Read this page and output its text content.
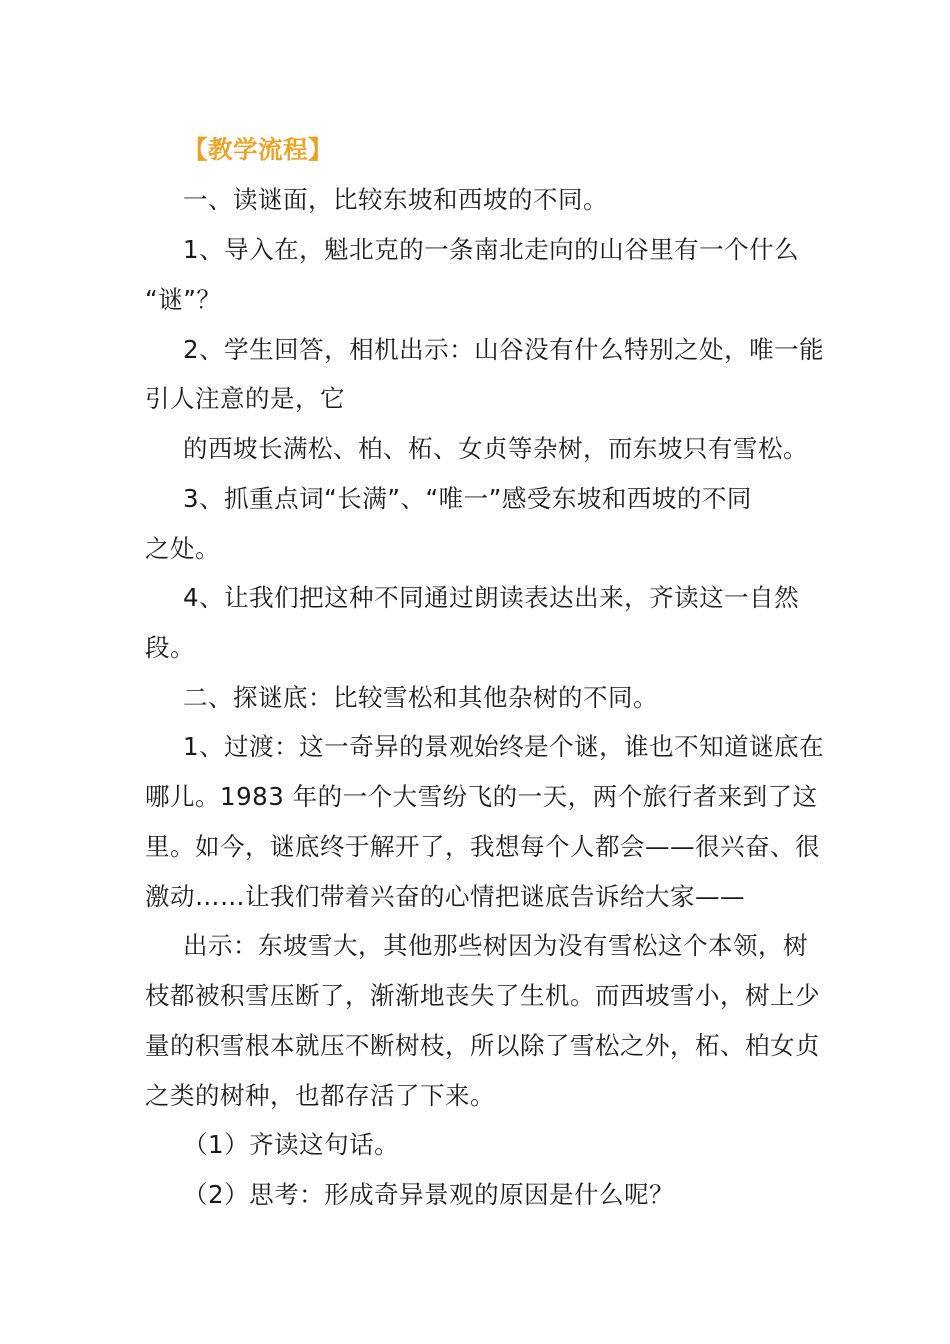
【教学流程】
一、读谜面，比较东坡和西坡的不同。
1、导入在，魁北克的一条南北走向的山谷里有一个什么
“谜”？
2、学生回答，相机出示：山谷没有什么特别之处，唯一能
引人注意的是，它
的西坡长满松、柏、柘、女贞等杂树，而东坡只有雪松。
3、抓重点词“长满”、“唯一”感受东坡和西坡的不同
之处。
4、让我们把这种不同通过朗读表达出来，齐读这一自然
段。
二、探谜底：比较雪松和其他杂树的不同。
1、过渡：这一奇异的景观始终是个谜，谁也不知道谜底在
哪儿。1983 年的一个大雪纷飞的一天，两个旅行者来到了这
里。如今，谜底终于解开了，我想每个人都会——很兴奋、很
激动……让我们带着兴奋的心情把谜底告诉给大家——
出示：东坡雪大，其他那些树因为没有雪松这个本领，树
枝都被积雪压断了，渐渐地丧失了生机。而西坡雪小，树上少
量的积雪根本就压不断树枝，所以除了雪松之外，柘、柏女贞
之类的树种，也都存活了下来。
（1）齐读这句话。
（2）思考：形成奇异景观的原因是什么呢？
